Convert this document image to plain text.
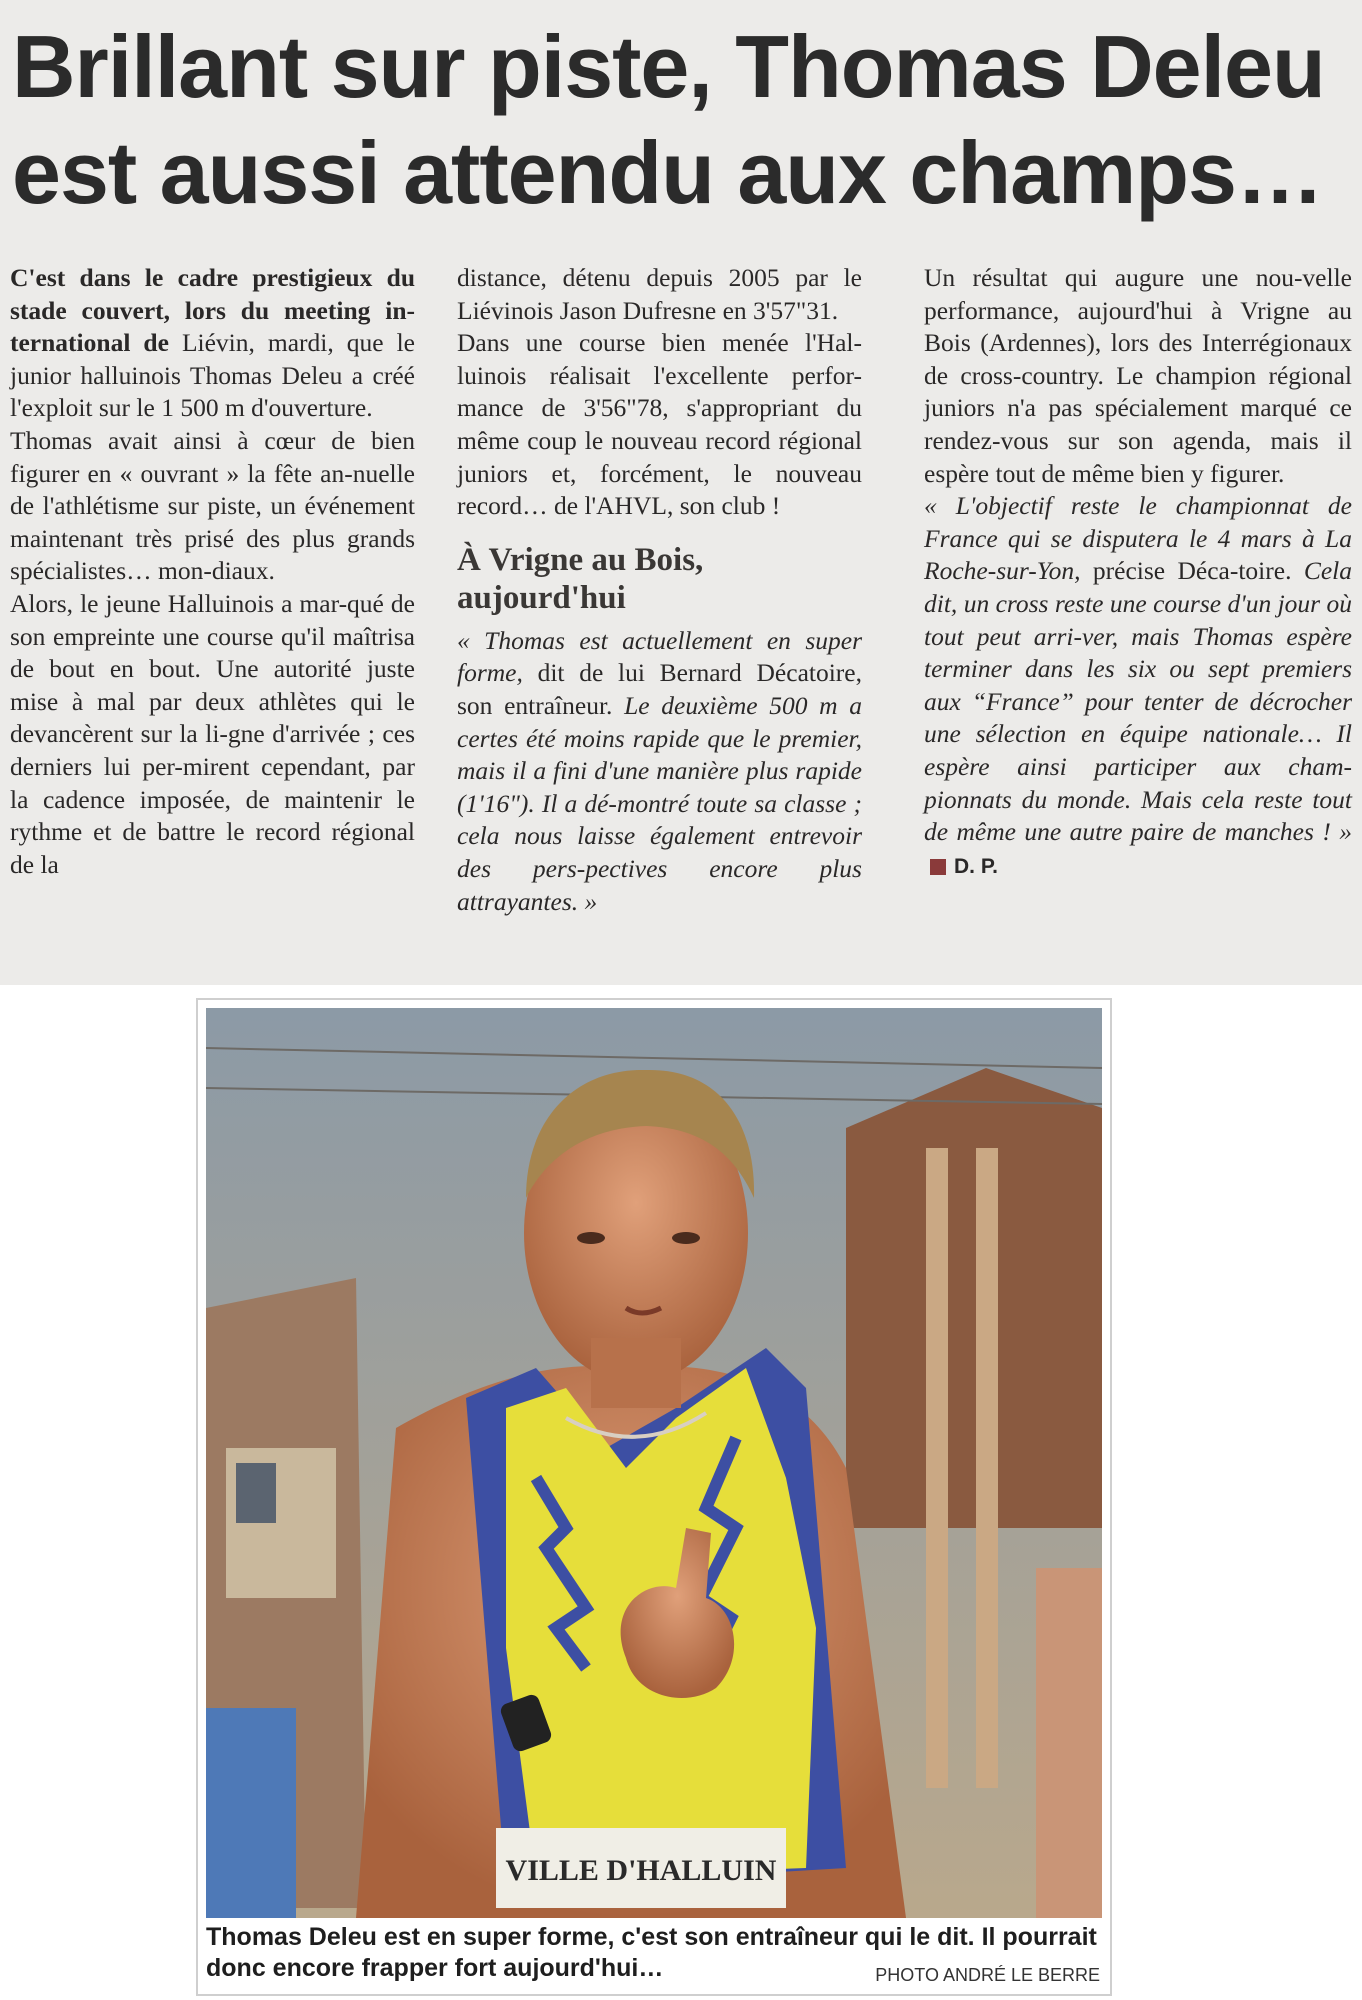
Brillant sur piste, Thomas Deleu
est aussi attendu aux champs…

C'est dans le cadre prestigieux du stade couvert, lors du meeting in-ternational de Liévin, mardi, que le junior halluinois Thomas Deleu a créé l'exploit sur le 1 500 m d'ouverture.

Thomas avait ainsi à cœur de bien figurer en « ouvrant » la fête an-nuelle de l'athlétisme sur piste, un événement maintenant très prisé des plus grands spécialistes… mon-diaux.

Alors, le jeune Halluinois a mar-qué de son empreinte une course qu'il maîtrisa de bout en bout. Une autorité juste mise à mal par deux athlètes qui le devancèrent sur la li-gne d'arrivée ; ces derniers lui per-mirent cependant, par la cadence imposée, de maintenir le rythme et de battre le record régional de la

distance, détenu depuis 2005 par le Liévinois Jason Dufresne en 3'57"31.

Dans une course bien menée l'Hal-luinois réalisait l'excellente perfor-mance de 3'56"78, s'appropriant du même coup le nouveau record régional juniors et, forcément, le nouveau record… de l'AHVL, son club !

À Vrigne au Bois, aujourd'hui

« Thomas est actuellement en super forme, dit de lui Bernard Décatoire, son entraîneur. Le deuxième 500 m a certes été moins rapide que le premier, mais il a fini d'une manière plus rapide (1'16"). Il a dé-montré toute sa classe ; cela nous laisse également entrevoir des pers-pectives encore plus attrayantes. »

Un résultat qui augure une nou-velle performance, aujourd'hui à Vrigne au Bois (Ardennes), lors des Interrégionaux de cross-country. Le champion régional juniors n'a pas spécialement marqué ce rendez-vous sur son agenda, mais il espère tout de même bien y figurer.

« L'objectif reste le championnat de France qui se disputera le 4 mars à La Roche-sur-Yon, précise Déca-toire. Cela dit, un cross reste une course d'un jour où tout peut arri-ver, mais Thomas espère terminer dans les six ou sept premiers aux “France” pour tenter de décrocher une sélection en équipe nationale… Il espère ainsi participer aux cham-pionnats du monde. Mais cela reste tout de même une autre paire de manches ! »D. P.

VILLE D'HALLUIN
Thomas Deleu est en super forme, c'est son entraîneur qui le dit. Il pourrait donc encore frapper fort aujourd'hui…	PHOTO ANDRÉ LE BERRE
